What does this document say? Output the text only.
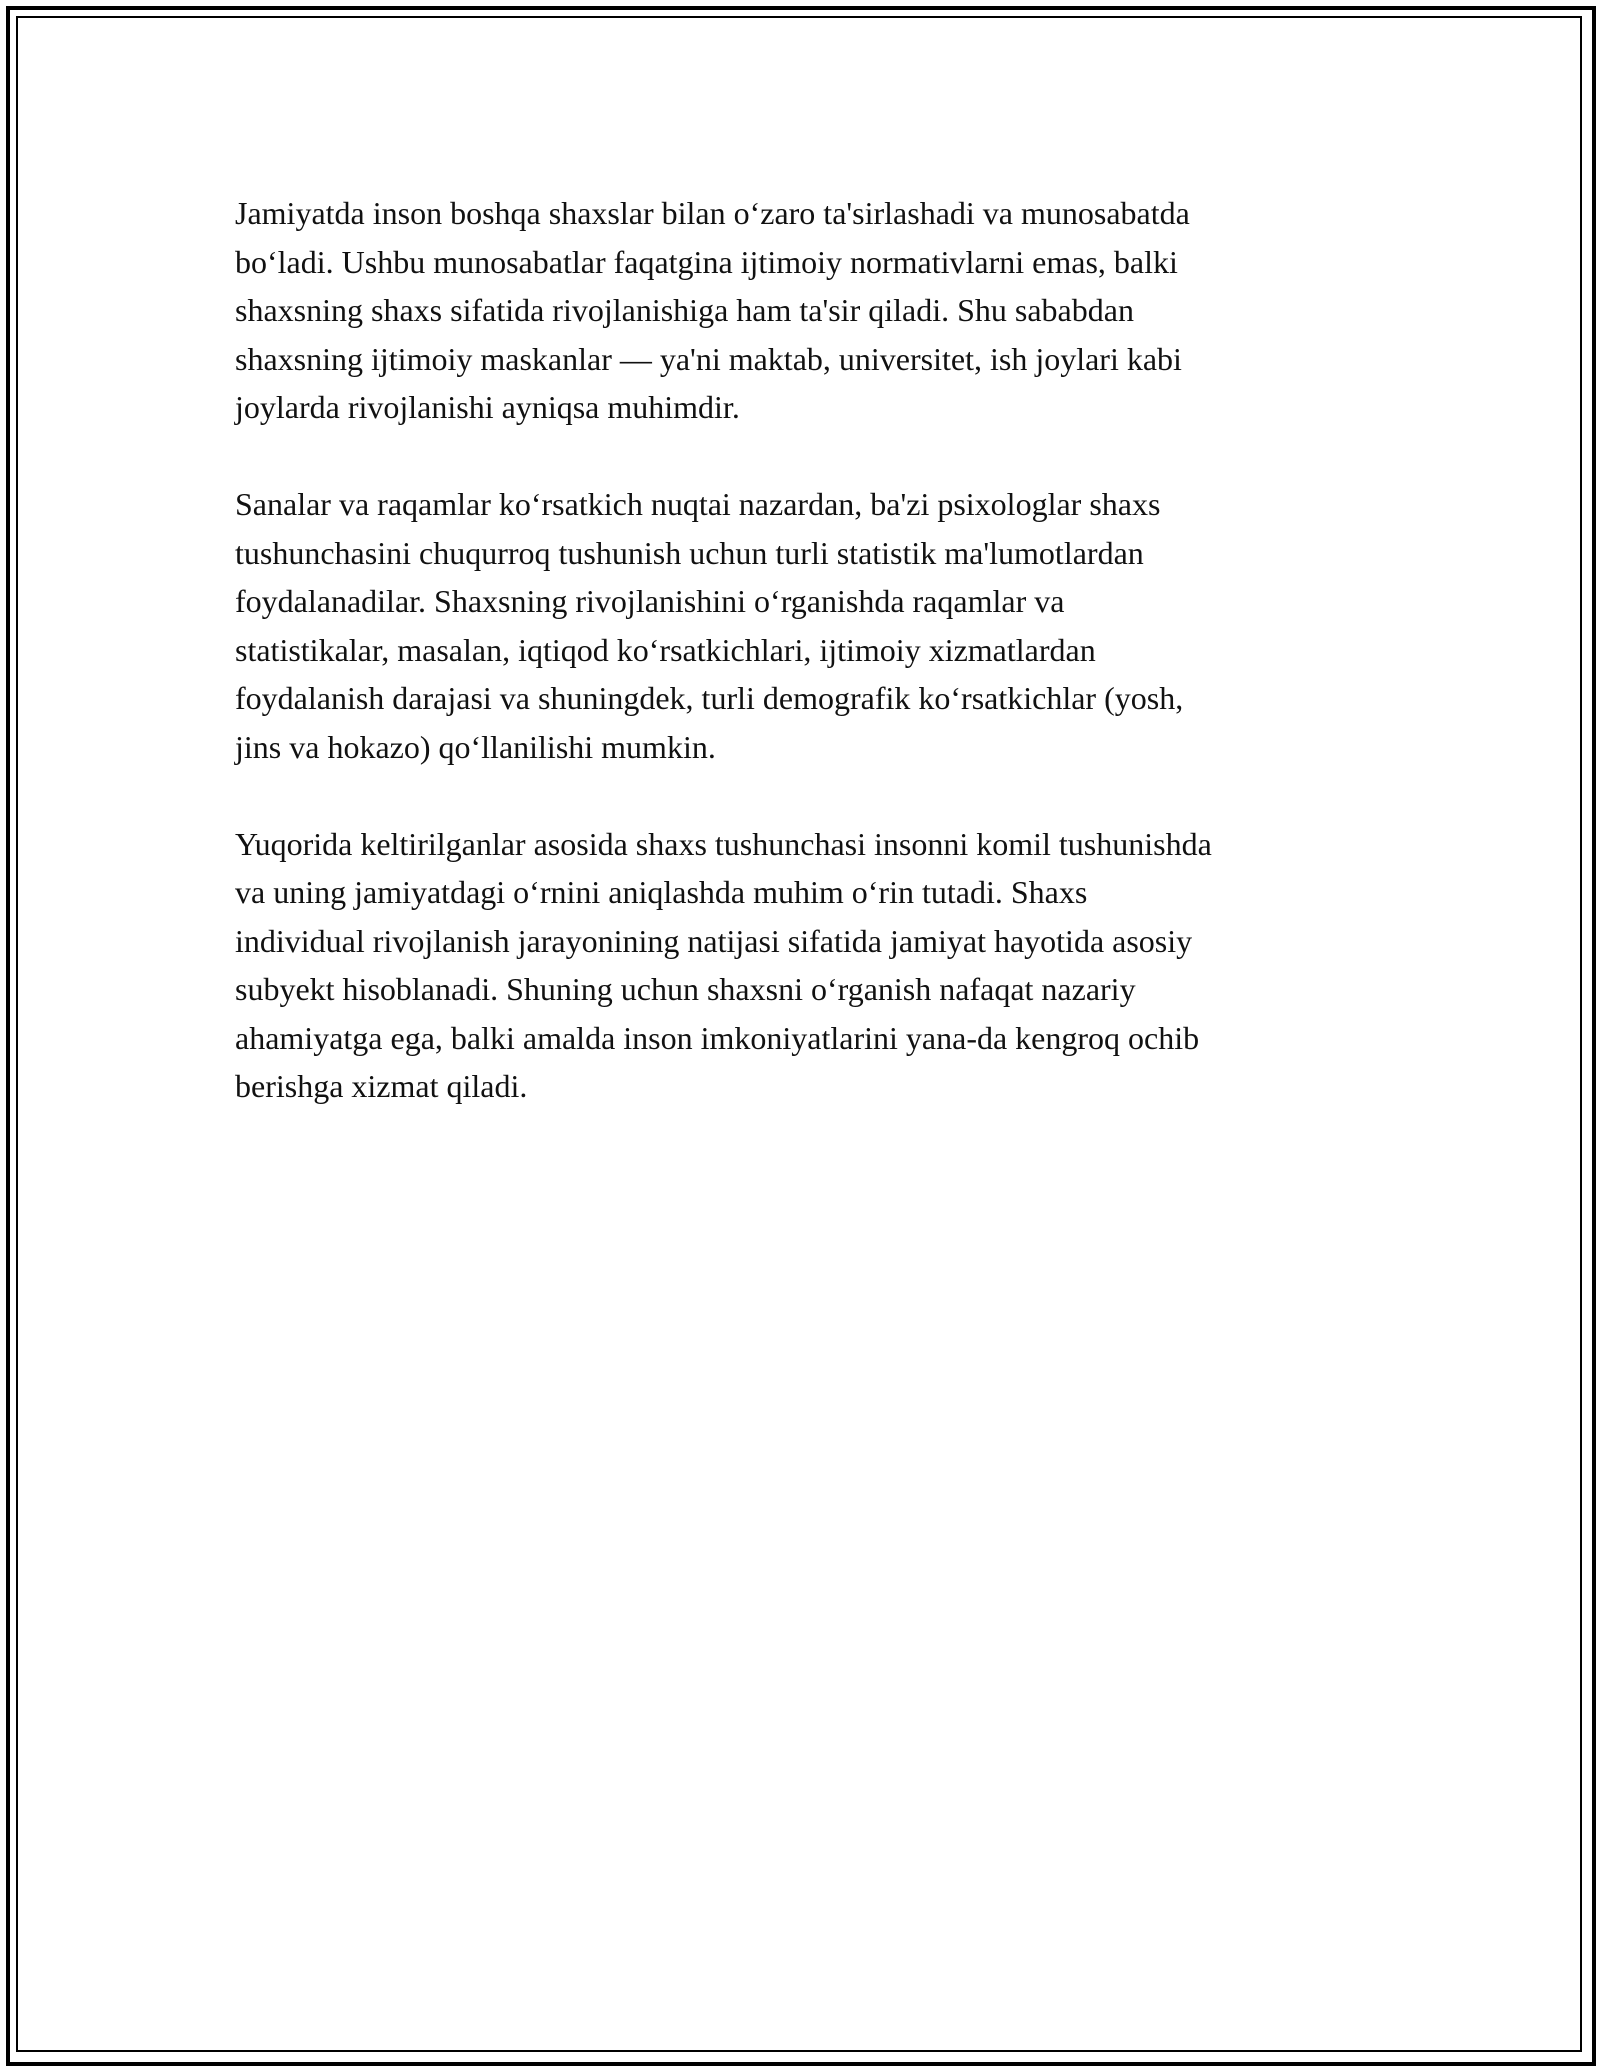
Jamiyatda inson boshqa shaxslar bilan o‘zaro ta'sirlashadi va munosabatda
bo‘ladi. Ushbu munosabatlar faqatgina ijtimoiy normativlarni emas, balki
shaxsning shaxs sifatida rivojlanishiga ham ta'sir qiladi. Shu sababdan
shaxsning ijtimoiy maskanlar — ya'ni maktab, universitet, ish joylari kabi
joylarda rivojlanishi ayniqsa muhimdir.

Sanalar va raqamlar ko‘rsatkich nuqtai nazardan, ba'zi psixologlar shaxs
tushunchasini chuqurroq tushunish uchun turli statistik ma'lumotlardan
foydalanadilar. Shaxsning rivojlanishini o‘rganishda raqamlar va
statistikalar, masalan, iqtiqod ko‘rsatkichlari, ijtimoiy xizmatlardan
foydalanish darajasi va shuningdek, turli demografik ko‘rsatkichlar (yosh,
jins va hokazo) qo‘llanilishi mumkin.

Yuqorida keltirilganlar asosida shaxs tushunchasi insonni komil tushunishda
va uning jamiyatdagi o‘rnini aniqlashda muhim o‘rin tutadi. Shaxs
individual rivojlanish jarayonining natijasi sifatida jamiyat hayotida asosiy
subyekt hisoblanadi. Shuning uchun shaxsni o‘rganish nafaqat nazariy
ahamiyatga ega, balki amalda inson imkoniyatlarini yana-da kengroq ochib
berishga xizmat qiladi.
